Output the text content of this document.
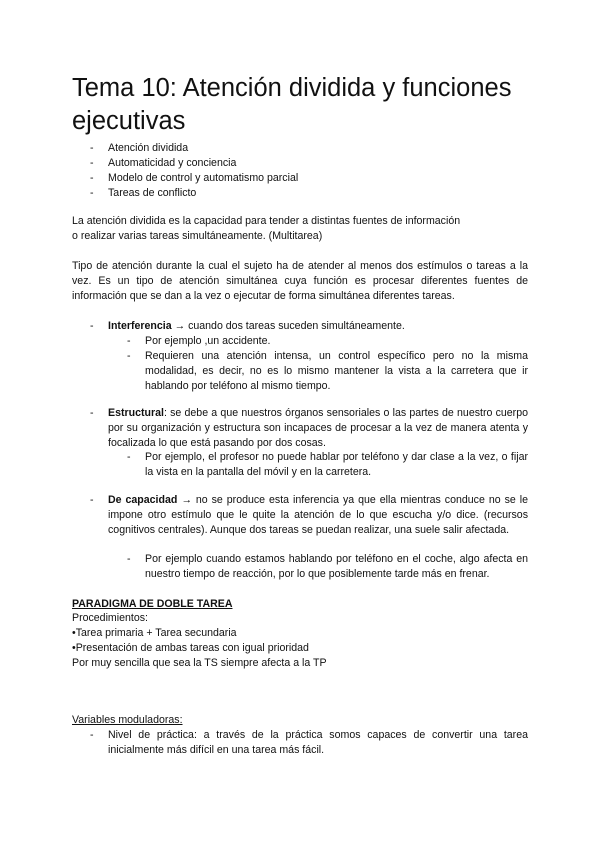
Tema 10: Atención dividida y funciones ejecutivas
- Atención dividida
- Automaticidad y conciencia
- Modelo de control y automatismo parcial
- Tareas de conflicto
La atención dividida es la capacidad para tender a distintas fuentes de información
o realizar varias tareas simultáneamente. (Multitarea)
Tipo de atención durante la cual el sujeto ha de atender al menos dos estímulos o tareas a la vez. Es un tipo de atención simultánea cuya función es procesar diferentes fuentes de información que se dan a la vez o ejecutar de forma simultánea diferentes tareas.
- Interferencia → cuando dos tareas suceden simultáneamente.
- Por ejemplo ,un accidente.
- Requieren una atención intensa, un control específico pero no la misma modalidad, es decir, no es lo mismo mantener la vista a la carretera que ir hablando por teléfono al mismo tiempo.
- Estructural: se debe a que nuestros órganos sensoriales o las partes de nuestro cuerpo por su organización y estructura son incapaces de procesar a la vez de manera atenta y focalizada lo que está pasando por dos cosas.
- Por ejemplo, el profesor no puede hablar por teléfono y dar clase a la vez, o fijar la vista en la pantalla del móvil y en la carretera.
- De capacidad → no se produce esta inferencia ya que ella mientras conduce no se le impone otro estímulo que le quite la atención de lo que escucha y/o dice. (recursos cognitivos centrales). Aunque dos tareas se puedan realizar, una suele salir afectada.
- Por ejemplo cuando estamos hablando por teléfono en el coche, algo afecta en nuestro tiempo de reacción, por lo que posiblemente tarde más en frenar.
PARADIGMA DE DOBLE TAREA
Procedimientos:
•Tarea primaria + Tarea secundaria
•Presentación de ambas tareas con igual prioridad
Por muy sencilla que sea la TS siempre afecta a la TP
Variables moduladoras:
- Nivel de práctica: a través de la práctica somos capaces de convertir una tarea inicialmente más difícil en una tarea más fácil.
